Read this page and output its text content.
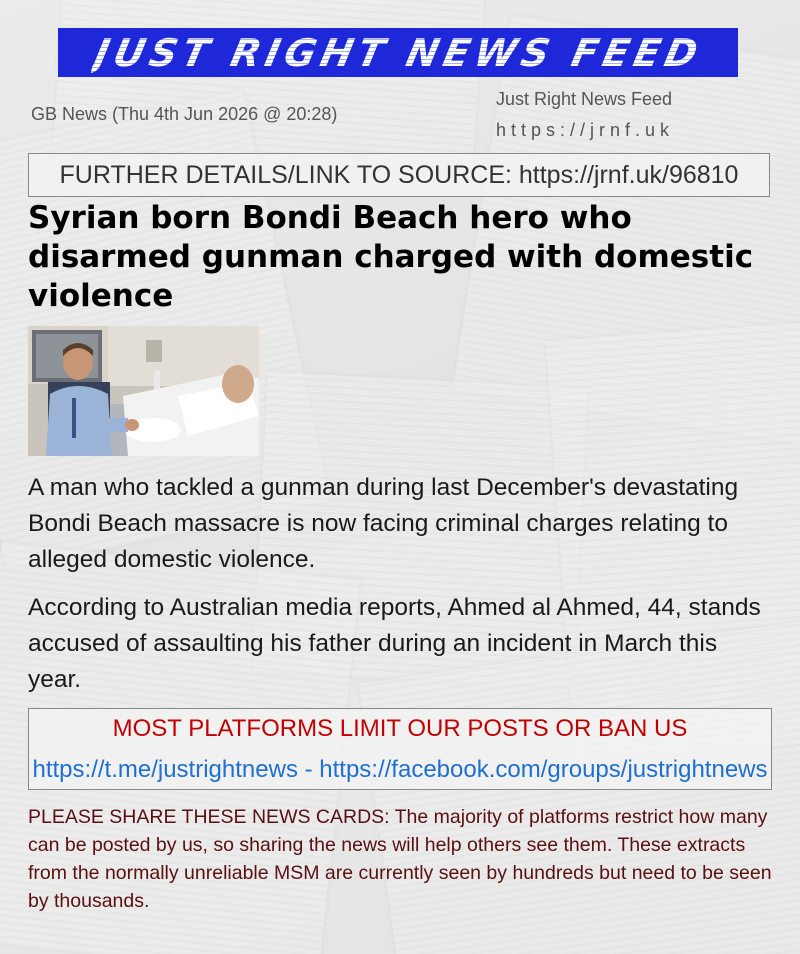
JUST RIGHT NEWS FEED
GB News (Thu 4th Jun 2026 @ 20:28)
Just Right News Feed
https://jrnf.uk
FURTHER DETAILS/LINK TO SOURCE: https://jrnf.uk/96810
Syrian born Bondi Beach hero who disarmed gunman charged with domestic violence

A man who tackled a gunman during last December's devastating Bondi Beach massacre is now facing criminal charges relating to alleged domestic violence.

According to Australian media reports, Ahmed al Ahmed, 44, stands accused of assaulting his father during an incident in March this year.

MOST PLATFORMS LIMIT OUR POSTS OR BAN US
https://t.me/justrightnews - https://facebook.com/groups/justrightnews

PLEASE SHARE THESE NEWS CARDS: The majority of platforms restrict how many can be posted by us, so sharing the news will help others see them. These extracts from the normally unreliable MSM are currently seen by hundreds but need to be seen by thousands.
